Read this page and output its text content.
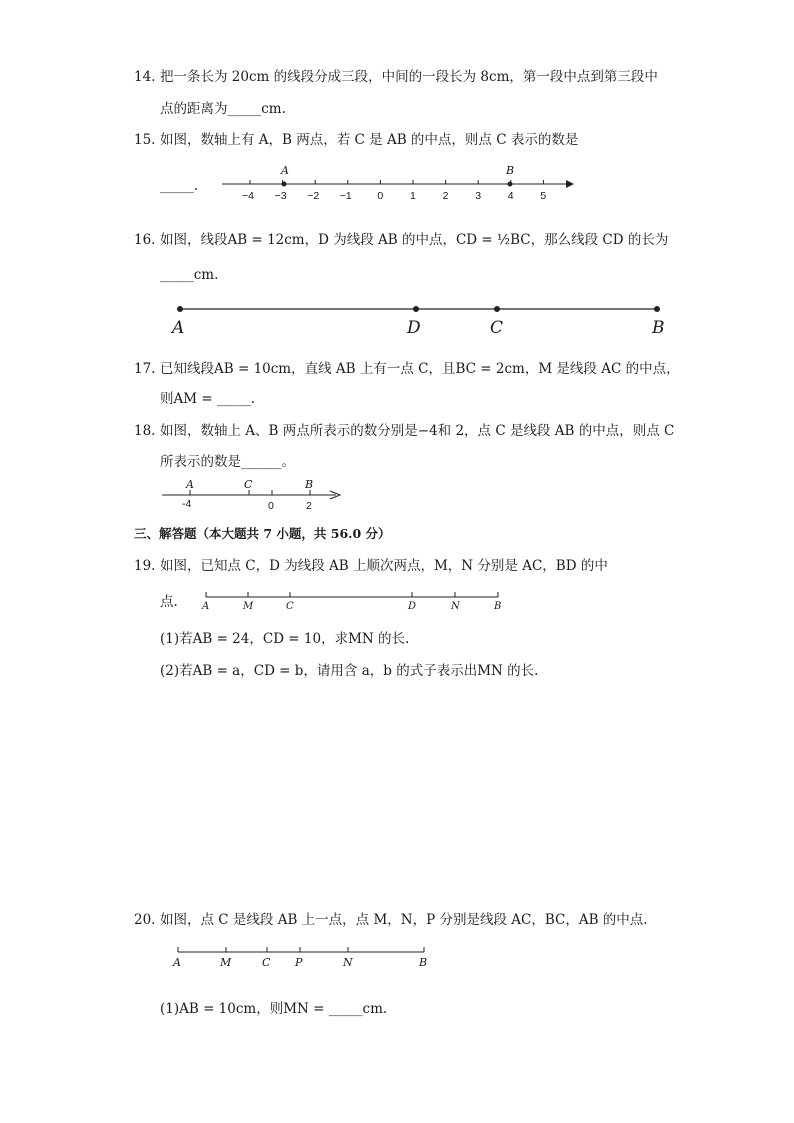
14. 把一条长为 20cm 的线段分成三段，中间的一段长为 8cm，第一段中点到第三段中
点的距离为_____cm.
15. 如图，数轴上有 A，B 两点，若 C 是 AB 的中点，则点 C 表示的数是
_____.
A	B
−4 −3 −2 −1 0	1	2	3	4	5
16. 如图，线段AB = 12cm，D 为线段 AB 的中点，CD = ½BC，那么线段 CD 的长为
_____cm.
A	D	C	B
17. 已知线段AB = 10cm，直线 AB 上有一点 C，且BC = 2cm，M 是线段 AC 的中点，
则AM = _____.
18. 如图，数轴上 A、B 两点所表示的数分别是−4和 2，点 C 是线段 AB 的中点，则点 C
所表示的数是______。
A	C	B
-4	0	2
三、解答题（本大题共 7 小题，共 56.0 分）
19. 如图，已知点 C，D 为线段 AB 上顺次两点，M，N 分别是 AC，BD 的中
点. A	M	C	D	N	B
(1)若AB = 24，CD = 10，求MN 的长.
(2)若AB = a，CD = b，请用含 a，b 的式子表示出MN 的长.
20. 如图，点 C 是线段 AB 上一点，点 M，N，P 分别是线段 AC，BC，AB 的中点.
A	M	C P	N	B
(1)AB = 10cm，则MN = _____cm.
